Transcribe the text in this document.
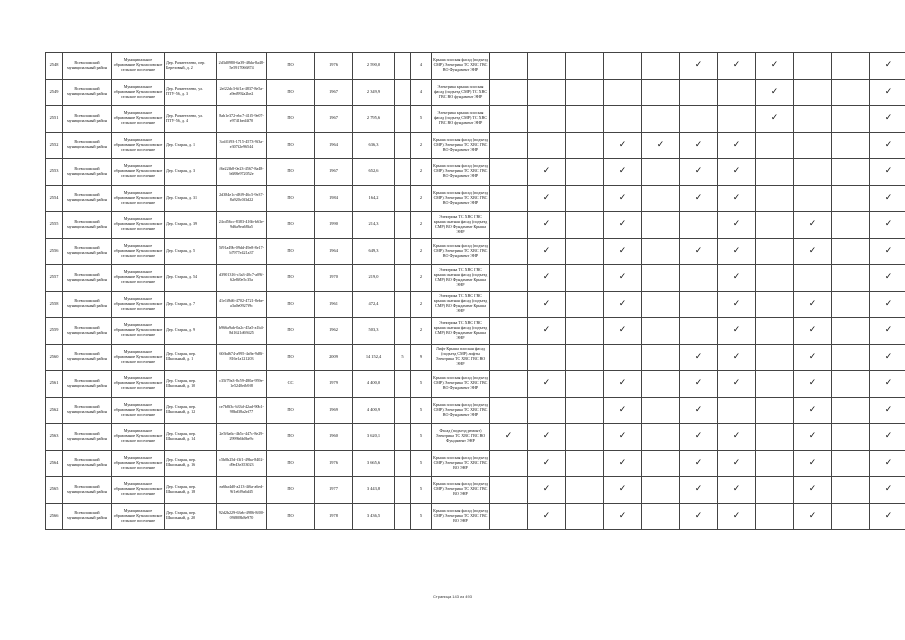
2548	Всеволожский муниципальный район	Муниципальное образование Кузьмоловское сельское поселение	Дер. Разметелево, пер. Березовый, д. 2	2d3d0980-6a39-48da-8a48-5e5917066874	ПО	1976	2 590,0		4	Крыша плоская фасад (подъезд СМР) Электрика ТС ХВС ГВС ВО Фундамент ЭНР						✓	✓	✓			✓
2549	Всеволожский муниципальный район	Муниципальное образование Кузьмоловское сельское поселение	Дер. Разметелево, ул. ПТУ-56, д. 3	2ef22dc3-6f1a-4837-8e5a-a9ed992a2be2	ПО	1967	2 349,9		4	Электрика крыша плоская фасад (подъезд СМР) ТС ХВС ГВС ВО фундамент ЭНР								✓			✓
2551	Всеволожский муниципальный район	Муниципальное образование Кузьмоловское сельское поселение	Дер. Разметелево, ул. ПТУ-56, д. 4	8ab1e372-ebc7-41f5-9e07-e9741bed4f70	ПО	1967	2 795,6		5	Электрика крыша плоская фасад (подъезд СМР) ТС ХВС ГВС ВО фундамент ЭНР								✓			✓
2552	Всеволожский муниципальный район	Муниципальное образование Кузьмоловское сельское поселение	Дер. Старая, д. 1	3cdf1f93-1715-4573-9f3a-e307f2e96544	ПО	1964	636,3		2	Крыша плоская фасад (подъезд СМР) Электрика ТС ХВС ГВС ВО Фундамент ЭНР				✓	✓	✓	✓				✓
2553	Всеволожский муниципальный район	Муниципальное образование Кузьмоловское сельское поселение	Дер. Старая, д. 3	f6e22fb8-0e23-4567-8a48-b688e972052e	ПО	1967	652,6		2	Крыша плоская фасад (подъезд СМР) Электрика ТС ХВС ГВС ВО Фундамент ЭНР		✓		✓		✓	✓				✓
2554	Всеволожский муниципальный район	Муниципальное образование Кузьмоловское сельское поселение	Дер. Старая, д. 31	2d384e1c-d8f9-46c5-9e37-8a920c0f3d22	ПО	1984	164,2		2	Крыша плоская фасад (подъезд СМР) Электрика ТС ХВС ГВС ВО Фундамент ЭНР		✓		✓		✓	✓				✓
2555	Всеволожский муниципальный район	Муниципальное образование Кузьмоловское сельское поселение	Дер. Старая, д. 39	24cd56cc-8383-416b-b63e-9d6a9ea68fa5	ПО	1990	214,3		2	Электрика ТС ХВС ГВС крыша скатная фасад (подъезд СМР) ВО Фундамент Крыша ЭНР		✓		✓			✓		✓		✓
2556	Всеволожский муниципальный район	Муниципальное образование Кузьмоловское сельское поселение	Дер. Старая, д. 5	5f91a49b-09dd-49e8-8e17-b7977e421a37	ПО	1964	649,3		2	Крыша плоская фасад (подъезд СМР) Электрика ТС ХВС ГВС ВО Фундамент ЭНР		✓		✓		✓	✓		✓		✓
2557	Всеволожский муниципальный район	Муниципальное образование Кузьмоловское сельское поселение	Дер. Старая, д. 54	d3901316-c3a3-40c7-a09f-62e8f0e5c35a	ПО	1970	219,0		2	Электрика ТС ХВС ГВС крыша скатная фасад (подъезд СМР) ВО Фундамент Крыша ЭНР		✓		✓			✓				✓
2558	Всеволожский муниципальный район	Муниципальное образование Кузьмоловское сельское поселение	Дер. Старая, д. 7	41e1f8d6-4702-4721-8ebe-a3a0e0927f9c	ПО	1961	472,4		2	Электрика ТС ХВС ГВС крыша скатная фасад (подъезд СМР) ВО Фундамент Крыша ЭНР		✓		✓			✓		✓		✓
2559	Всеволожский муниципальный район	Муниципальное образование Кузьмоловское сельское поселение	Дер. Старая, д. 9	b966a9ab-0a2c-45a5-a1b4-8d1621d69425	ПО	1962	503,3		2	Электрика ТС ХВС ГВС крыша скатная фасад (подъезд СМР) ВО Фундамент Крыша ЭНР		✓		✓			✓		✓		✓
2560	Всеволожский муниципальный район	Муниципальное образование Кузьмоловское сельское поселение	Дер. Старая, пер. Школьный, д. 1	60fbd674-a995-4a9a-9d8f-816e1a121203	ПО	2009	14 152,4	5	9	Лифт Крыша плоская фасад (подъезд СМР) лифты Электрика ТС ХВС ГВС ВО ЭНР						✓	✓		✓		✓
2561	Всеволожский муниципальный район	Муниципальное образование Кузьмоловское сельское поселение	Дер. Старая, пер. Школьный, д. 10	c35f79a3-8c59-480a-959e-1e5240efb9f8	СС	1979	4 400,0		5	Крыша плоская фасад (подъезд СМР) Электрика ТС ХВС ГВС ВО Фундамент ЭНР		✓		✓		✓	✓		✓		✓
2562	Всеволожский муниципальный район	Муниципальное образование Кузьмоловское сельское поселение	Дер. Старая, пер. Школьный, д. 12	ce7b8f3c-b33d-42ad-90b1-98bd38a2ef77	ПО	1969	4 400,9		5	Крыша плоская фасад (подъезд СМР) Электрика ТС ХВС ГВС ВО Фундамент ЭНР				✓		✓			✓		✓
2563	Всеволожский муниципальный район	Муниципальное образование Кузьмоловское сельское поселение	Дер. Старая, пер. Школьный, д. 14	2e5f6a6c-4b5c-447c-8e29-2999b6b0be9c	ПО	1960	3 620,1		5	Фасад (подъезд ремонт) Электрика ТС ХВС ГВС ВО Фундамент ЭНР	✓	✓		✓		✓	✓		✓		✓
2564	Всеволожский муниципальный район	Муниципальное образование Кузьмоловское сельское поселение	Дер. Старая, пер. Школьный, д. 16	c5b0b25d-f3f1-49ba-8402-d9e43e353023	ПО	1976	3 665,6		5	Крыша плоская фасад (подъезд СМР) Электрика ТС ХВС ГВС ВО ЭНР		✓		✓		✓	✓		✓		✓
2565	Всеволожский муниципальный район	Муниципальное образование Кузьмоловское сельское поселение	Дер. Старая, пер. Школьный, д. 18	ea6ba4d0-a213-4f6a-a6ed-9f1e6f9a6d45	ПО	1977	3 443,8		5	Крыша плоская фасад (подъезд СМР) Электрика ТС ХВС ГВС ВО ЭНР		✓		✓		✓	✓		✓		✓
2566	Всеволожский муниципальный район	Муниципальное образование Кузьмоловское сельское поселение	Дер. Старая, пер. Школьный, д. 20	92d2b229-63eb-4986-8f00-09f808b8e970	ПО	1978	3 436,5		5	Крыша плоская фасад (подъезд СМР) Электрика ТС ХВС ГВС ВО ЭНР		✓		✓		✓	✓		✓		✓
Страница 143 из 493
